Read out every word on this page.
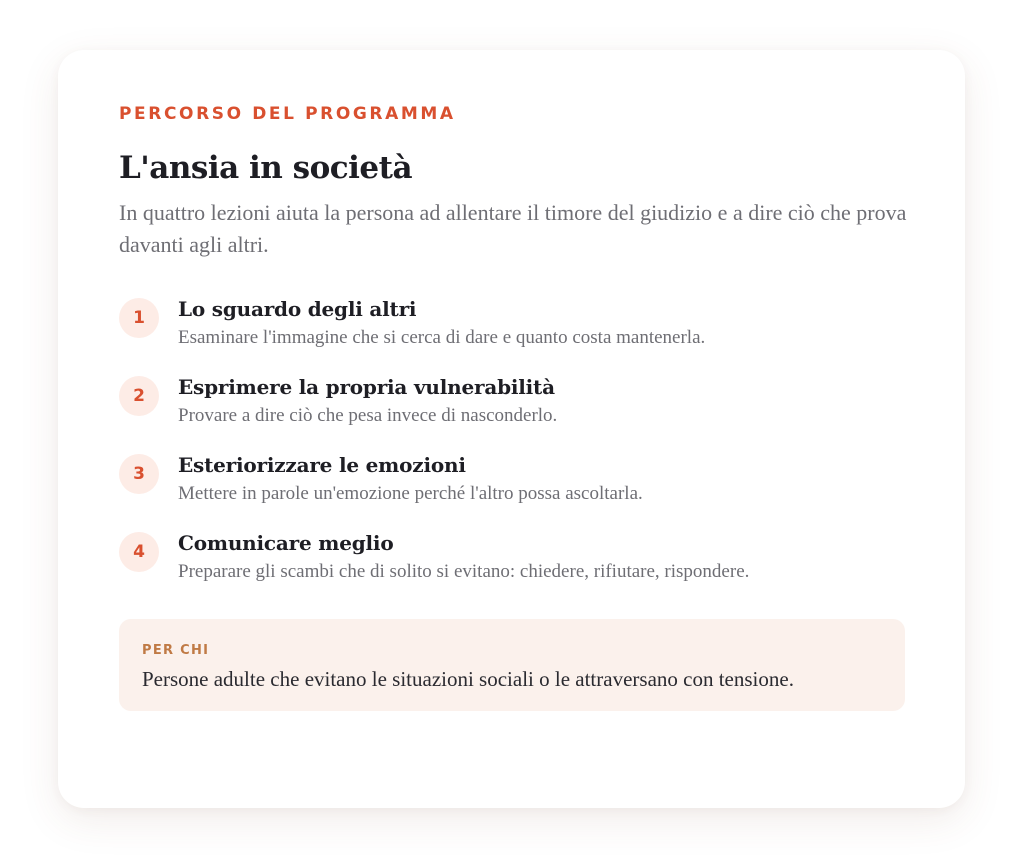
PERCORSO DEL PROGRAMMA

L'ansia in società

In quattro lezioni aiuta la persona ad allentare il timore del giudizio e a dire ciò che prova davanti agli altri.

1	Lo sguardo degli altri

Esaminare l'immagine che si cerca di dare e quanto costa mantenerla.

2	Esprimere la propria vulnerabilità

Provare a dire ciò che pesa invece di nasconderlo.

3	Esteriorizzare le emozioni

Mettere in parole un'emozione perché l'altro possa ascoltarla.

4	Comunicare meglio

Preparare gli scambi che di solito si evitano: chiedere, rifiutare, rispondere.

PER CHI

Persone adulte che evitano le situazioni sociali o le attraversano con tensione.
